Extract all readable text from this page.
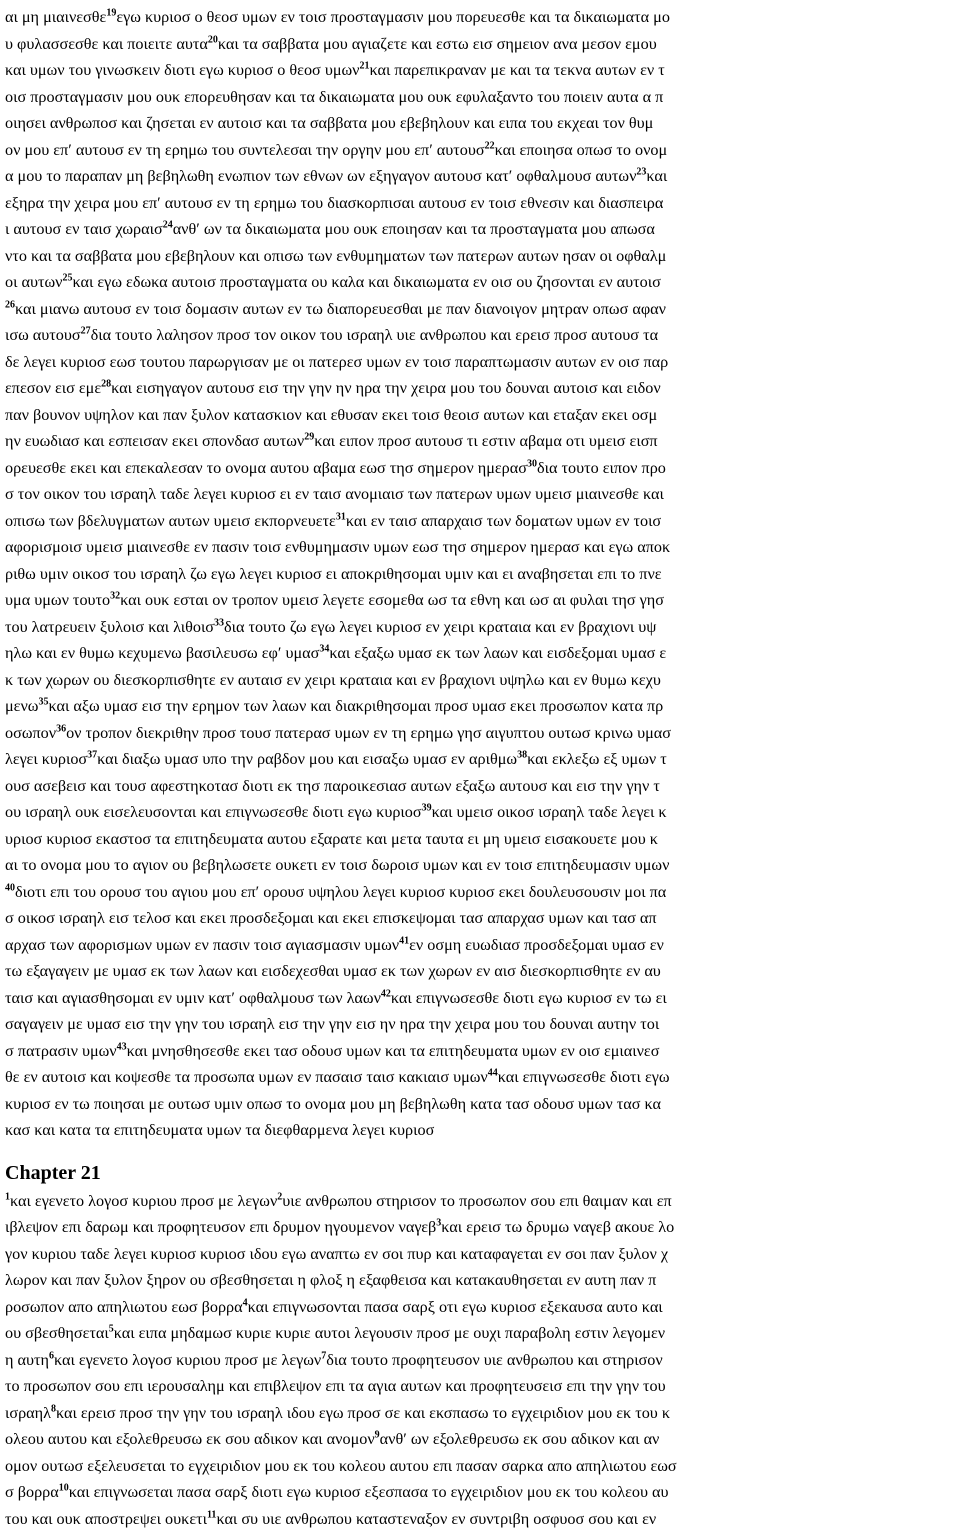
αι μη μιαινεσθε$^{19}$εγω κυριοσ ο θεοσ υμων εν τοισ προσταγμασιν μου πορευεσθε και τα δικαιωματα μο
υ φυλασσεσθε και ποιειτε αυτα$^{20}$και τα σαββατα μου αγιαζετε και εστω εισ σημειον ανα μεσον εμου
και υμων του γινωσκειν διοτι εγω κυριοσ ο θεοσ υμων$^{21}$και παρεπικραναν με και τα τεκνα αυτων εν τ
οισ προσταγμασιν μου ουκ επορευθησαν και τα δικαιωματα μου ουκ εφυλαξαντο του ποιειν αυτα α π
οιησει ανθρωποσ και ζησεται εν αυτοισ και τα σαββατα μου εβεβηλουν και ειπα του εκχεαι τον θυμ
ον μου επ′ αυτουσ εν τη ερημω του συντελεσαι την οργην μου επ′ αυτουσ$^{22}$και εποιησα οπωσ το ονομ
α μου το παραπαν μη βεβηλωθη ενωπιον των εθνων ων εξηγαγον αυτουσ κατ′ οφθαλμουσ αυτων$^{23}$και
εξηρα την χειρα μου επ′ αυτουσ εν τη ερημω του διασκορπισαι αυτουσ εν τοισ εθνεσιν και διασπειρα
ι αυτουσ εν ταισ χωραισ$^{24}$ανθ′ ων τα δικαιωματα μου ουκ εποιησαν και τα προσταγματα μου απωσα
ντο και τα σαββατα μου εβεβηλουν και οπισω των ενθυμηματων των πατερων αυτων ησαν οι οφθαλμ
οι αυτων$^{25}$και εγω εδωκα αυτοισ προσταγματα ου καλα και δικαιωματα εν οισ ου ζησονται εν αυτοισ
$^{26}$και μιανω αυτουσ εν τοισ δομασιν αυτων εν τω διαπορευεσθαι με παν διανοιγον μητραν οπωσ αφαν
ισω αυτουσ$^{27}$δια τουτο λαλησον προσ τον οικον του ισραηλ υιε ανθρωπου και ερεισ προσ αυτουσ τα
δε λεγει κυριοσ εωσ τουτου παρωργισαν με οι πατερεσ υμων εν τοισ παραπτωμασιν αυτων εν οισ παρ
επεσον εισ εμε$^{28}$και εισηγαγον αυτουσ εισ την γην ην ηρα την χειρα μου του δουναι αυτοισ και ειδον
παν βουνον υψηλον και παν ξυλον κατασκιον και εθυσαν εκει τοισ θεοισ αυτων και εταξαν εκει οσμ
ην ευωδιασ και εσπεισαν εκει σπονδασ αυτων$^{29}$και ειπον προσ αυτουσ τι εστιν αβαμα οτι υμεισ εισπ
ορευεσθε εκει και επεκαλεσαν το ονομα αυτου αβαμα εωσ τησ σημερον ημερασ$^{30}$δια τουτο ειπον προ
σ τον οικον του ισραηλ ταδε λεγει κυριοσ ει εν ταισ ανομιαισ των πατερων υμων υμεισ μιαινεσθε και
οπισω των βδελυγματων αυτων υμεισ εκπορνευετε$^{31}$και εν ταισ απαρχαισ των δοματων υμων εν τοισ
αφορισμοισ υμεισ μιαινεσθε εν πασιν τοισ ενθυμημασιν υμων εωσ τησ σημερον ημερασ και εγω αποκ
ριθω υμιν οικοσ του ισραηλ ζω εγω λεγει κυριοσ ει αποκριθησομαι υμιν και ει αναβησεται επι το πνε
υμα υμων τουτο$^{32}$και ουκ εσται ον τροπον υμεισ λεγετε εσομεθα ωσ τα εθνη και ωσ αι φυλαι τησ γησ
του λατρευειν ξυλοισ και λιθοισ$^{33}$δια τουτο ζω εγω λεγει κυριοσ εν χειρι κραταια και εν βραχιονι υψ
ηλω και εν θυμω κεχυμενω βασιλευσω εφ′ υμασ$^{34}$και εξαξω υμασ εκ των λαων και εισδεξομαι υμασ ε
κ των χωρων ου διεσκορπισθητε εν αυταισ εν χειρι κραταια και εν βραχιονι υψηλω και εν θυμω κεχυ
μενω$^{35}$και αξω υμασ εισ την ερημον των λαων και διακριθησομαι προσ υμασ εκει προσωπον κατα πρ
οσωπον$^{36}$ον τροπον διεκριθην προσ τουσ πατερασ υμων εν τη ερημω γησ αιγυπτου ουτωσ κρινω υμασ
λεγει κυριοσ$^{37}$και διαξω υμασ υπο την ραβδον μου και εισαξω υμασ εν αριθμω$^{38}$και εκλεξω εξ υμων τ
ουσ ασεβεισ και τουσ αφεστηκοτασ διοτι εκ τησ παροικεσιασ αυτων εξαξω αυτουσ και εισ την γην τ
ου ισραηλ ουκ εισελευσονται και επιγνωσεσθε διοτι εγω κυριοσ$^{39}$και υμεισ οικοσ ισραηλ ταδε λεγει κ
υριοσ κυριοσ εκαστοσ τα επιτηδευματα αυτου εξαρατε και μετα ταυτα ει μη υμεισ εισακουετε μου κ
αι το ονομα μου το αγιον ου βεβηλωσετε ουκετι εν τοισ δωροισ υμων και εν τοισ επιτηδευμασιν υμων
$^{40}$διοτι επι του ορουσ του αγιου μου επ′ ορουσ υψηλου λεγει κυριοσ κυριοσ εκει δουλευσουσιν μοι πα
σ οικοσ ισραηλ εισ τελοσ και εκει προσδεξομαι και εκει επισκεψομαι τασ απαρχασ υμων και τασ απ
αρχασ των αφορισμων υμων εν πασιν τοισ αγιασμασιν υμων$^{41}$εν οσμη ευωδιασ προσδεξομαι υμασ εν
τω εξαγαγειν με υμασ εκ των λαων και εισδεχεσθαι υμασ εκ των χωρων εν αισ διεσκορπισθητε εν αυ
ταισ και αγιασθησομαι εν υμιν κατ′ οφθαλμουσ των λαων$^{42}$και επιγνωσεσθε διοτι εγω κυριοσ εν τω ει
σαγαγειν με υμασ εισ την γην του ισραηλ εισ την γην εισ ην ηρα την χειρα μου του δουναι αυτην τοι
σ πατρασιν υμων$^{43}$και μνησθησεσθε εκει τασ οδουσ υμων και τα επιτηδευματα υμων εν οισ εμιαινεσ
θε εν αυτοισ και κοψεσθε τα προσωπα υμων εν πασαισ ταισ κακιαισ υμων$^{44}$και επιγνωσεσθε διοτι εγω
κυριοσ εν τω ποιησαι με ουτωσ υμιν οπωσ το ονομα μου μη βεβηλωθη κατα τασ οδουσ υμων τασ κα
κασ και κατα τα επιτηδευματα υμων τα διεφθαρμενα λεγει κυριοσ
Chapter 21
$^1$και εγενετο λογοσ κυριου προσ με λεγων$^2$υιε ανθρωπου στηρισον το προσωπον σου επι θαιμαν και επ
ιβλεψον επι δαρωμ και προφητευσον επι δρυμον ηγουμενον ναγεβ$^3$και ερεισ τω δρυμω ναγεβ ακουε λο
γον κυριου ταδε λεγει κυριοσ κυριοσ ιδου εγω αναπτω εν σοι πυρ και καταφαγεται εν σοι παν ξυλον χ
λωρον και παν ξυλον ξηρον ου σβεσθησεται η φλοξ η εξαφθεισα και κατακαυθησεται εν αυτη παν π
ροσωπον απο απηλιωτου εωσ βορρα$^4$και επιγνωσονται πασα σαρξ οτι εγω κυριοσ εξεκαυσα αυτο και
ου σβεσθησεται$^5$και ειπα μηδαμωσ κυριε κυριε αυτοι λεγουσιν προσ με ουχι παραβολη εστιν λεγομεν
η αυτη$^6$και εγενετο λογοσ κυριου προσ με λεγων$^7$δια τουτο προφητευσον υιε ανθρωπου και στηρισον
το προσωπον σου επι ιερουσαλημ και επιβλεψον επι τα αγια αυτων και προφητευσεισ επι την γην του
ισραηλ$^8$και ερεισ προσ την γην του ισραηλ ιδου εγω προσ σε και εκσπασω το εγχειριδιον μου εκ του κ
ολεου αυτου και εξολεθρευσω εκ σου αδικον και ανομον$^9$ανθ′ ων εξολεθρευσω εκ σου αδικον και αν
ομον ουτωσ εξελευσεται το εγχειριδιον μου εκ του κολεου αυτου επι πασαν σαρκα απο απηλιωτου εωσ
σ βορρα$^{10}$και επιγνωσεται πασα σαρξ διοτι εγω κυριοσ εξεσπασα το εγχειριδιον μου εκ του κολεου αυ
του και ουκ αποστρεψει ουκετι$^{11}$και συ υιε ανθρωπου καταστεναξον εν συντριβη οσφυοσ σου και εν
